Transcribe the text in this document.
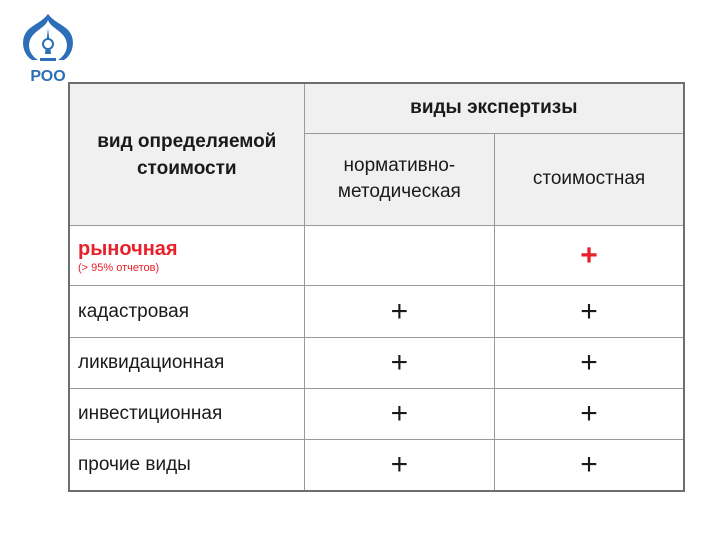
РОО
вид определяемой стоимости	виды экспертизы	
	нормативно-методическая	стоимостная
рыночная
(> 95% отчетов)		+
кадастровая	+	+
ликвидационная	+	+
инвестиционная	+	+
прочие виды	+	+
